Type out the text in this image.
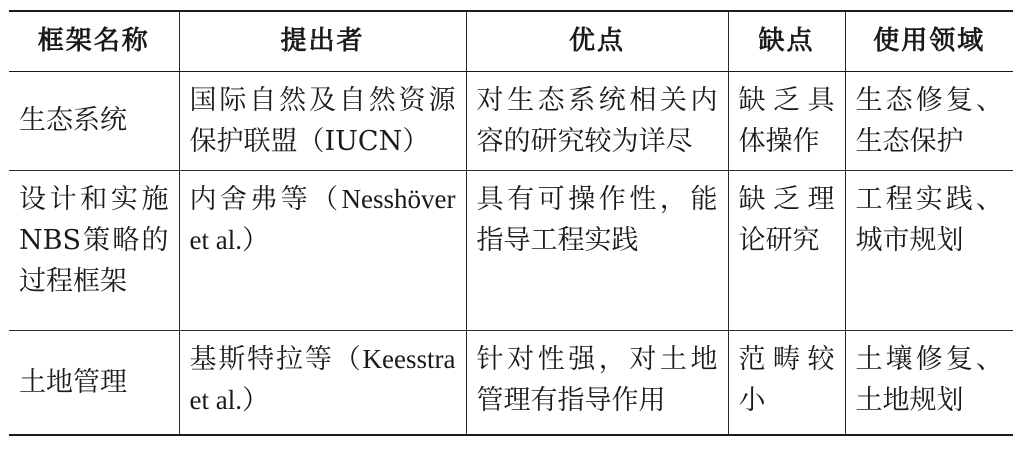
框架名称	提出者	优点	缺点	使用领域

生态系统	国际自然及自然资源保护联盟（IUCN）	对生态系统相关内容的研究较为详尽	缺乏具体操作	生态修复、生态保护

设计和实施NBS策略的过程框架	内舍弗等（Nesshöver et al.）	具有可操作性，能指导工程实践	缺乏理论研究	工程实践、城市规划

土地管理	基斯特拉等（Keesstra et al.）	针对性强，对土地管理有指导作用	范畴较小	土壤修复、土地规划
